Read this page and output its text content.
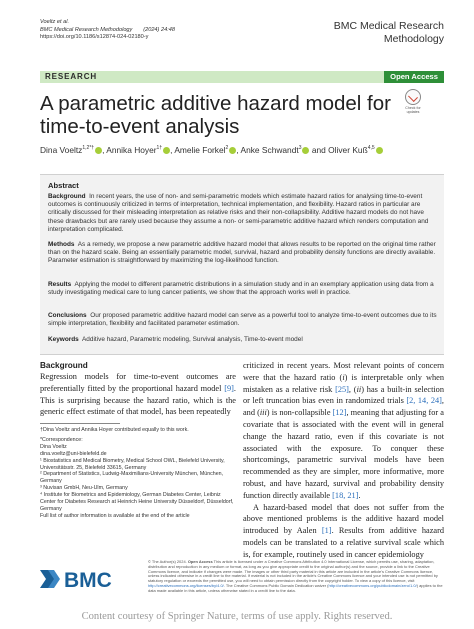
Voeltz et al.
BMC Medical Research Methodology (2024) 24:48
https://doi.org/10.1186/s12874-024-02180-y
BMC Medical Research Methodology
RESEARCH	Open Access
A parametric additive hazard model for time-to-event analysis
Check for
updates
Dina Voeltz$^{1,2*\dagger}$ , Annika Hoyer$^{1\dagger}$ , Amelie Forkel$^2$ , Anke Schwandt$^3$ and Oliver Kuß$^{4,5}$
Abstract
Background In recent years, the use of non- and semi-parametric models which estimate hazard ratios for analysing time-to-event outcomes is continuously criticized in terms of interpretation, technical implementation, and flexibility. Hazard ratios in particular are critically discussed for their misleading interpretation as relative risks and their non-collapsibility. Additive hazard models do not have these drawbacks but are rarely used because they assume a non- or semi-parametric additive hazard which renders computation and interpretation complicated.
Methods As a remedy, we propose a new parametric additive hazard model that allows results to be reported on the original time rather than on the hazard scale. Being an essentially parametric model, survival, hazard and probability density functions are directly available. Parameter estimation is straightforward by maximizing the log-likelihood function.
Results Applying the model to different parametric distributions in a simulation study and in an exemplary application using data from a study investigating medical care to lung cancer patients, we show that the approach works well in practice.
Conclusions Our proposed parametric additive hazard model can serve as a powerful tool to analyze time-to-event outcomes due to its simple interpretation, flexibility and facilitated parameter estimation.
Keywords Additive hazard, Parametric modeling, Survival analysis, Time-to-event model
Background
Regression models for time-to-event outcomes are preferentially fitted by the proportional hazard model [9]. This is surprising because the hazard ratio, which is the generic effect estimate of that model, has been repeatedly
†Dina Voeltz and Annika Hoyer contributed equally to this work.
*Correspondence:
Dina Voeltz
dina.voeltz@uni-bielefeld.de
¹ Biostatistics and Medical Biometry, Medical School OWL, Bielefeld University, Universitätsstr. 25, Bielefeld 33615, Germany
² Department of Statistics, Ludwig-Maximilians-University München, München, Germany
³ Nuvisan GmbH, Neu-Ulm, Germany
⁴ Institute for Biometrics and Epidemiology, German Diabetes Center, Leibniz Center for Diabetes Research at Heinrich Heine University Düsseldorf, Düsseldorf, Germany
Full list of author information is available at the end of the article
criticized in recent years. Most relevant points of concern were that the hazard ratio (i) is interpretable only when mistaken as a relative risk [25], (ii) has a built-in selection or left truncation bias even in randomized trials [2, 14, 24], and (iii) is non-collapsible [12], meaning that adjusting for a covariate that is associated with the event will in general change the hazard ratio, even if this covariate is not associated with the exposure. To conquer these shortcomings, parametric survival models have been recommended as they are simpler, more informative, more robust, and have hazard, survival and probability density function directly available [18, 21].
A hazard-based model that does not suffer from the above mentioned problems is the additive hazard model introduced by Aalen [1]. Results from additive hazard models can be translated to a relative survival scale which is, for example, routinely used in cancer epidemiology
BMC
© The Author(s) 2024. Open Access This article is licensed under a Creative Commons Attribution 4.0 International License, which permits use, sharing, adaptation, distribution and reproduction in any medium or format, as long as you give appropriate credit to the original author(s) and the source, provide a link to the Creative Commons licence, and indicate if changes were made. The images or other third party material in this article are included in the article's Creative Commons licence, unless indicated otherwise in a credit line to the material. If material is not included in the article's Creative Commons licence and your intended use is not permitted by statutory regulation or exceeds the permitted use, you will need to obtain permission directly from the copyright holder. To view a copy of this licence, visit http://creativecommons.org/licenses/by/4.0/. The Creative Commons Public Domain Dedication waiver (http://creativecommons.org/publicdomain/zero/1.0/) applies to the data made available in this article, unless otherwise stated in a credit line to the data.
Content courtesy of Springer Nature, terms of use apply. Rights reserved.
